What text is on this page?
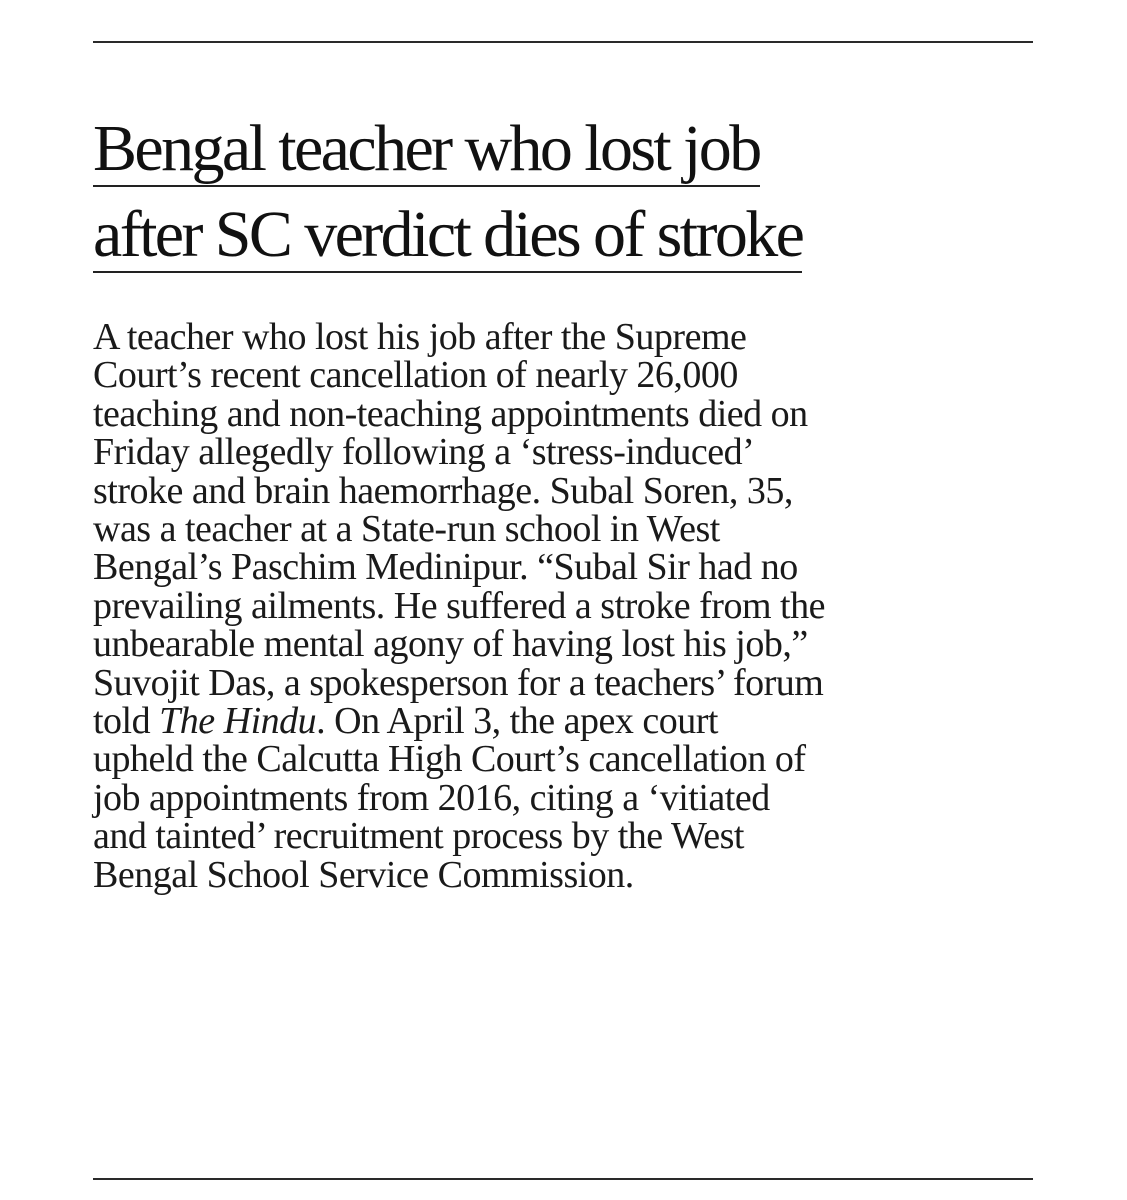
Bengal teacher who lost job
after SC verdict dies of stroke

A teacher who lost his job after the Supreme
Court’s recent cancellation of nearly 26,000
teaching and non-teaching appointments died on
Friday allegedly following a ‘stress-induced’
stroke and brain haemorrhage. Subal Soren, 35,
was a teacher at a State-run school in West
Bengal’s Paschim Medinipur. “Subal Sir had no
prevailing ailments. He suffered a stroke from the
unbearable mental agony of having lost his job,”
Suvojit Das, a spokesperson for a teachers’ forum
told The Hindu. On April 3, the apex court
upheld the Calcutta High Court’s cancellation of
job appointments from 2016, citing a ‘vitiated
and tainted’ recruitment process by the West
Bengal School Service Commission.
